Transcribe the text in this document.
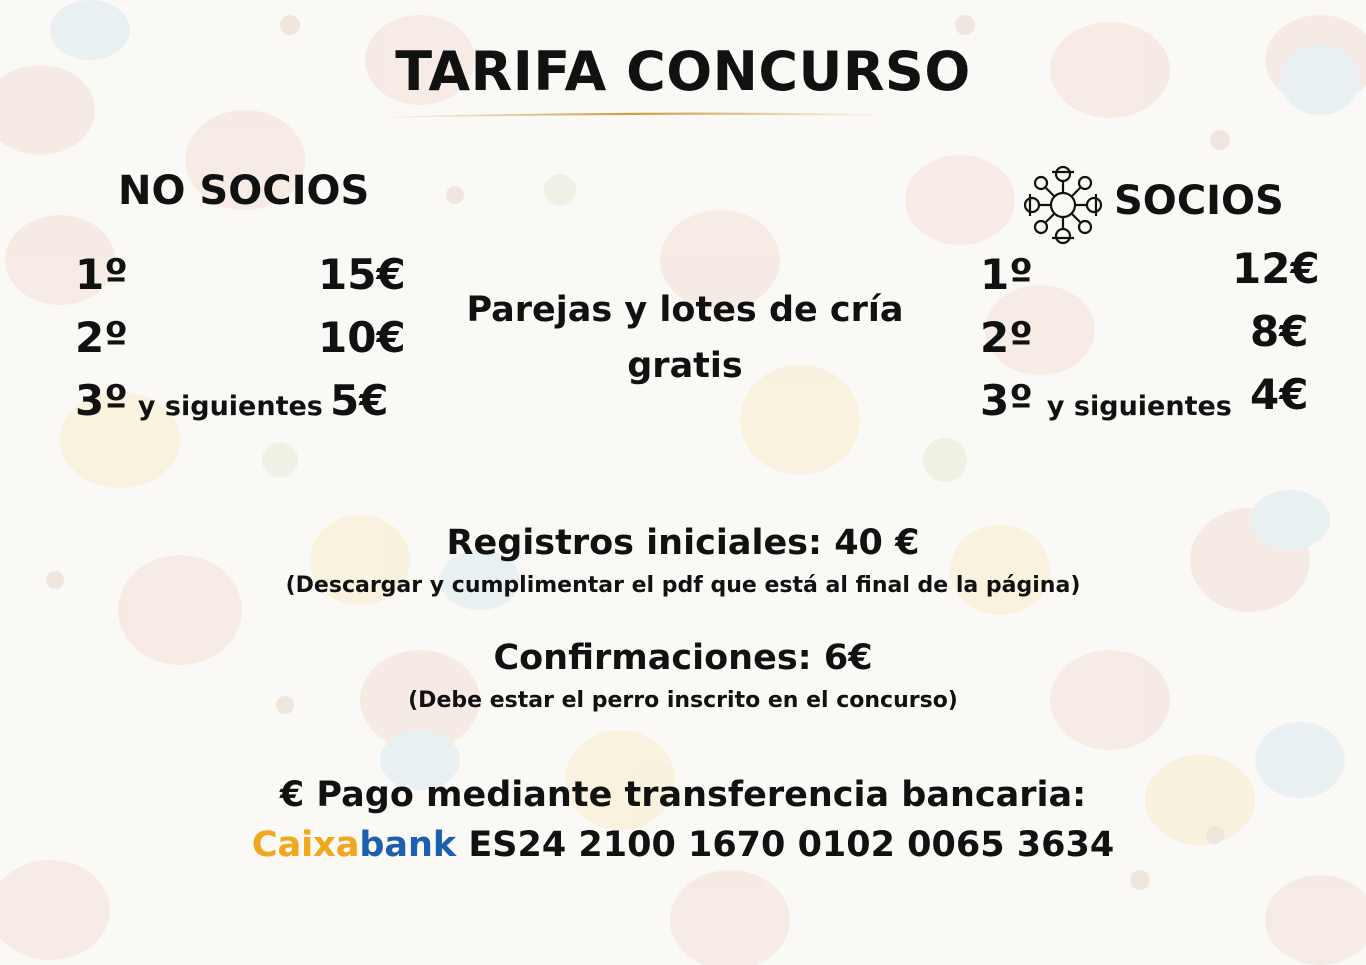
TARIFA CONCURSO
NO SOCIOS
1º	15€
2º	10€
3º y siguientes 5€
Parejas y lotes de cría gratis
SOCIOS
1º	12€
2º	8€
3º y siguientes 4€
Registros iniciales: 40 €
(Descargar y cumplimentar el pdf que está al final de la página)
Confirmaciones: 6€
(Debe estar el perro inscrito en el concurso)
€ Pago mediante transferencia bancaria:
Caixabank ES24 2100 1670 0102 0065 3634
